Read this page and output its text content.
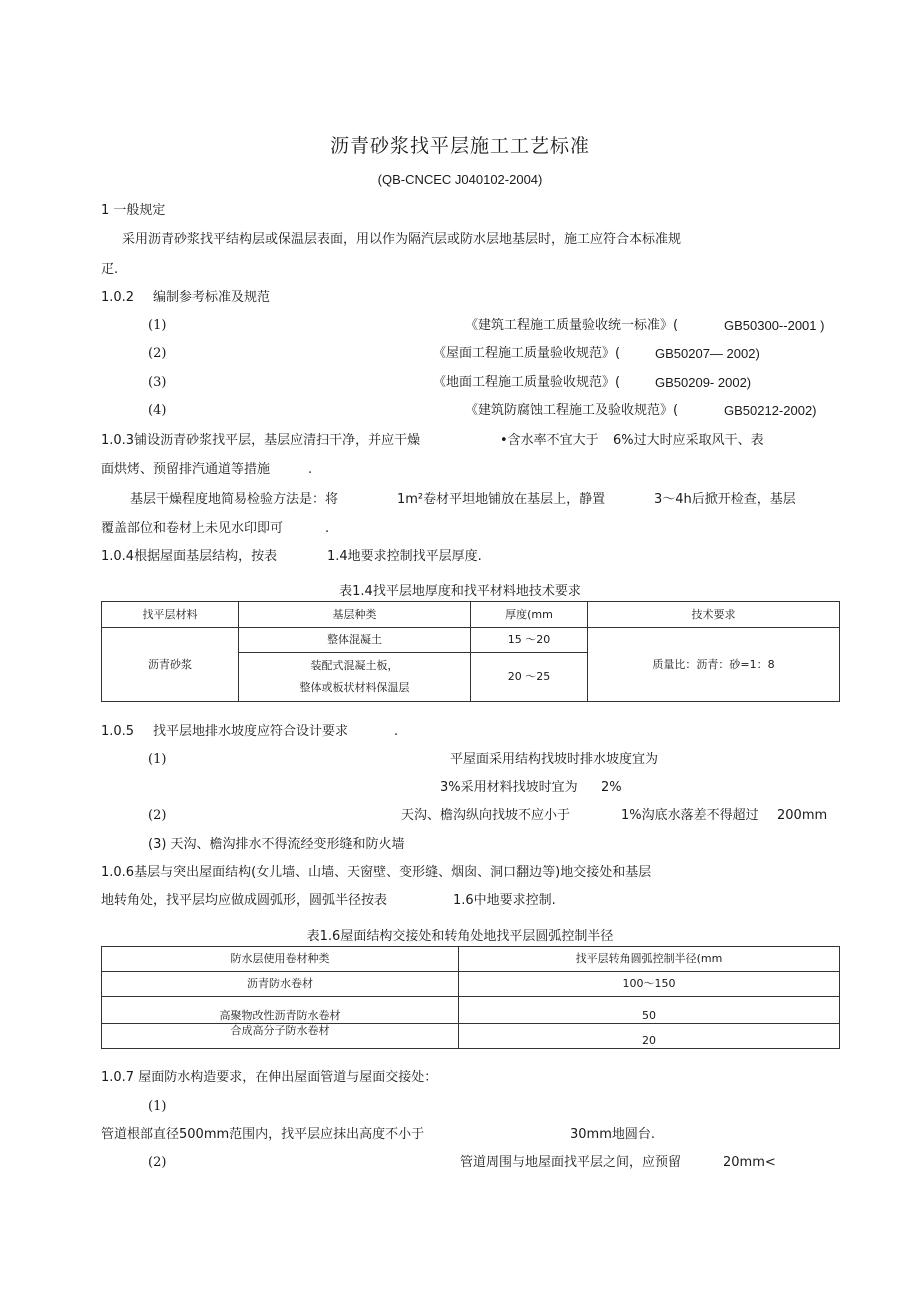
沥青砂浆找平层施工工艺标准
(QB-CNCEC J040102-2004)
1 一般规定
采用沥青砂浆找平结构层或保温层表面，用以作为隔汽层或防水层地基层时，施工应符合本标准规
疋.
1.0.2 编制参考标准及规范
(1)	《建筑工程施工质量验收统一标准》(	GB50300--2001 )
(2)	《屋面工程施工质量验收规范》(	GB50207— 2002)
(3)	《地面工程施工质量验收规范》(	GB50209- 2002)
(4)	《建筑防腐蚀工程施工及验收规范》(	GB50212-2002)
1.0.3铺设沥青砂浆找平层，基层应清扫干净，并应干燥	•含水率不宜大于 6%过大时应采取风干、表
面烘烤、预留排汽通道等措施	.
基层干燥程度地简易检验方法是：将	1m²卷材平坦地铺放在基层上，静置	3～4h后掀开检查，基层
覆盖部位和卷材上未见水印即可	.
1.0.4根据屋面基层结构，按表	1.4地要求控制找平层厚度.
表1.4找平层地厚度和找平材料地技术要求
找平层材料	基层种类	厚度(mm	技术要求
沥青砂浆	整体混凝土	15 ～20	质量比：沥青：砂=1：8

	装配式混凝土板，
整体或板状材料保温层	20 ～25	
1.0.5 找平层地排水坡度应符合设计要求	.
(1)	平屋面采用结构找坡时排水坡度宜为
3%采用材料找坡时宜为 2%
(2)	天沟、檐沟纵向找坡不应小于	1%沟底水落差不得超过 200mm
(3) 天沟、檐沟排水不得流经变形缝和防火墙
1.0.6基层与突出屋面结构(女儿墙、山墙、天窗壁、变形缝、烟囱、洞口翻边等)地交接处和基层
地转角处，找平层均应做成圆弧形，圆弧半径按表	1.6中地要求控制.
表1.6屋面结构交接处和转角处地找平层圆弧控制半径
防水层使用卷材种类	找平层转角圆弧控制半径(mm
沥青防水卷材	100～150
高聚物改性沥青防水卷材	50
合成高分子防水卷材	20
1.0.7 屋面防水构造要求，在伸出屋面管道与屋面交接处：
(1)
管道根部直径500mm范围内，找平层应抹出高度不小于	30mm地圆台.
(2)	管道周围与地屋面找平层之间，应预留	20mm<
